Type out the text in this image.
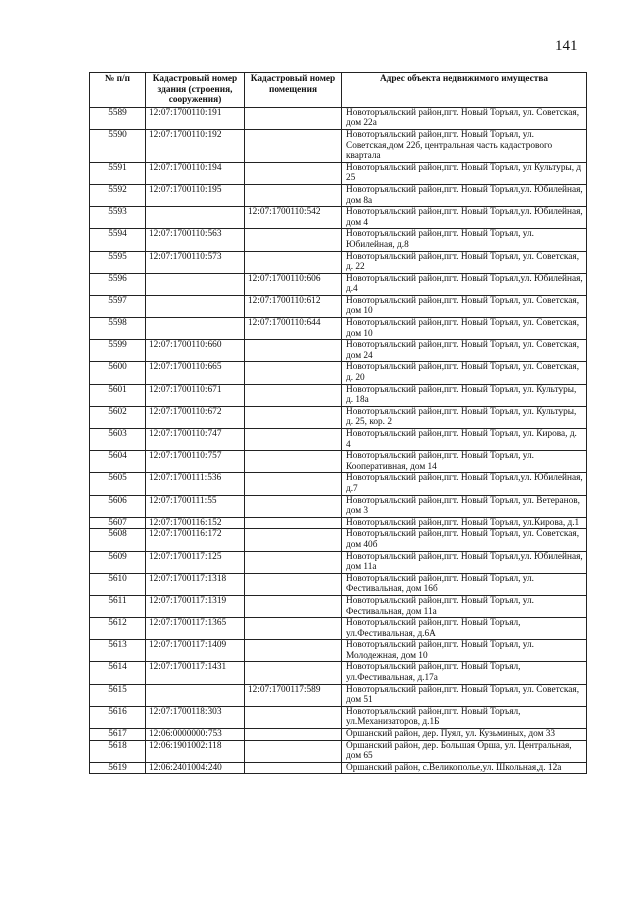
141
№ п/п	Кадастровый номер здания (строения, сооружения)	Кадастровый номер помещения	Адрес объекта недвижимого имущества
5589	12:07:1700110:191		Новоторъяльский район,пгт. Новый Торъял, ул. Советская, дом 22а
5590	12:07:1700110:192		Новоторъяльский район,пгт. Новый Торъял, ул. Советская,дом 22б, центральная часть кадастрового квартала
5591	12:07:1700110:194		Новоторъяльский район,пгт. Новый Торъял, ул Культуры, д 25
5592	12:07:1700110:195		Новоторъяльский район,пгт. Новый Торъял,ул. Юбилейная, дом 8а
5593		12:07:1700110:542	Новоторъяльский район,пгт. Новый Торъял,ул. Юбилейная, дом 4
5594	12:07:1700110:563		Новоторъяльский район,пгт. Новый Торъял, ул. Юбилейная, д.8
5595	12:07:1700110:573		Новоторъяльский район,пгт. Новый Торъял, ул. Советская, д. 22
5596		12:07:1700110:606	Новоторъяльский район,пгт. Новый Торъял,ул. Юбилейная, д.4
5597		12:07:1700110:612	Новоторъяльский район,пгт. Новый Торъял, ул. Советская, дом 10
5598		12:07:1700110:644	Новоторъяльский район,пгт. Новый Торъял, ул. Советская, дом 10
5599	12:07:1700110:660		Новоторъяльский район,пгт. Новый Торъял, ул. Советская, дом 24
5600	12:07:1700110:665		Новоторъяльский район,пгт. Новый Торъял, ул. Советская, д. 20
5601	12:07:1700110:671		Новоторъяльский район,пгт. Новый Торъял, ул. Культуры, д. 18а
5602	12:07:1700110:672		Новоторъяльский район,пгт. Новый Торъял, ул. Культуры, д. 25, кор. 2
5603	12:07:1700110:747		Новоторъяльский район,пгт. Новый Торъял, ул. Кирова, д. 4
5604	12:07:1700110:757		Новоторъяльский район,пгт. Новый Торъял, ул. Кооперативная, дом 14
5605	12:07:1700111:536		Новоторъяльский район,пгт. Новый Торъял,ул. Юбилейная, д.7
5606	12:07:1700111:55		Новоторъяльский район,пгт. Новый Торъял, ул. Ветеранов, дом 3
5607	12:07:1700116:152		Новоторъяльский район,пгт. Новый Торъял, ул.Кирова, д.1
5608	12:07:1700116:172		Новоторъяльский район,пгт. Новый Торъял, ул. Советская, дом 40б
5609	12:07:1700117:125		Новоторъяльский район,пгт. Новый Торъял,ул. Юбилейная, дом 11а
5610	12:07:1700117:1318		Новоторъяльский район,пгт. Новый Торъял, ул. Фестивальная, дом 16б
5611	12:07:1700117:1319		Новоторъяльский район,пгт. Новый Торъял, ул. Фестивальная, дом 11а
5612	12:07:1700117:1365		Новоторъяльский район,пгт. Новый Торъял, ул.Фестивальная, д.6А
5613	12:07:1700117:1409		Новоторъяльский район,пгт. Новый Торъял, ул. Молодежная, дом 10
5614	12:07:1700117:1431		Новоторъяльский район,пгт. Новый Торъял, ул.Фестивальная, д.17а
5615		12:07:1700117:589	Новоторъяльский район,пгт. Новый Торъял, ул. Советская, дом 51
5616	12:07:1700118:303		Новоторъяльский район,пгт. Новый Торъял, ул.Механизаторов, д.1Б
5617	12:06:0000000:753		Оршанский район, дер. Пуял, ул. Кузьминых, дом 33
5618	12:06:1901002:118		Оршанский район, дер. Большая Орша, ул. Центральная, дом 65
5619	12:06:2401004:240		Оршанский район, с.Великополье,ул. Школьная,д. 12а
